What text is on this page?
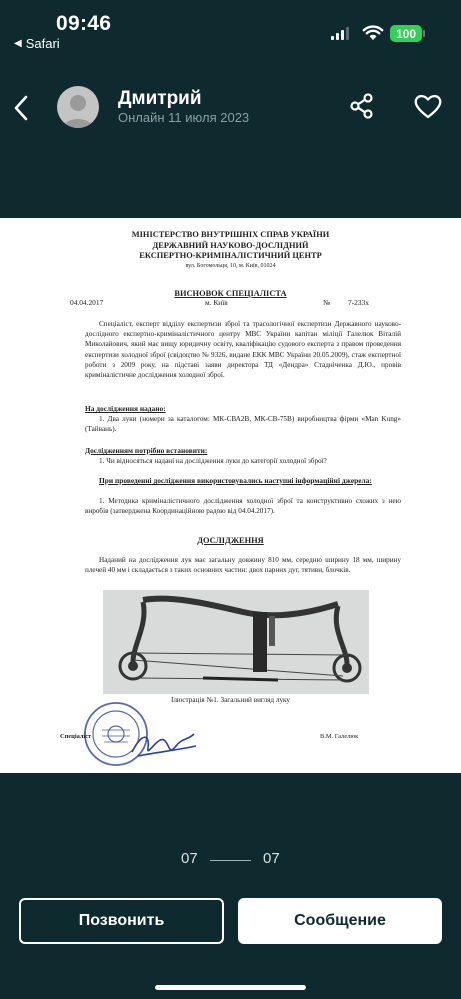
09:46
◀ Safari
100
Дмитрий
Онлайн 11 июля 2023
МІНІСТЕРСТВО ВНУТРІШНІХ СПРАВ УКРАЇНИ
ДЕРЖАВНИЙ НАУКОВО-ДОСЛІДНИЙ
ЕКСПЕРТНО-КРИМІНАЛІСТИЧНИЙ ЦЕНТР
вул. Богомольця, 10, м. Київ, 01024
ВИСНОВОК СПЕЦІАЛІСТА
04.04.2017	м. Київ	№ 7-233х
Спеціаліст, експерт відділу експертизи зброї та трасологічної експертизи Державного науково-дослідного експертно-криміналістичного центру МВС України капітан міліції Галелюк Віталій Миколайович, який має вищу юридичну освіту, кваліфікацію судового експерта з правом проведення експертизи холодної зброї (свідоцтво № 9326, видане ЕКК МВС України 20.05.2009), стаж експертної роботи з 2009 року, на підставі заяви директора ТД «Дендра» Стадніченка Д.Ю., провів криміналістичне дослідження холодної зброї.
На дослідження надано:
1. Два луки (номери за каталогом: МК-СВА2В, МК-СВ-75В) виробництва фірми «Man Kung» (Тайвань).
Дослідженням потрібно встановити:
1. Чи відносяться надані на дослідження луки до категорії холодної зброї?
При проведенні дослідження використовувались наступні інформаційні джерела:
1. Методика криміналістичного дослідження холодної зброї та конструктивно схожих з нею виробів (затверджена Координаційною радою від 04.04.2017).
ДОСЛІДЖЕННЯ
Наданий на дослідження лук має загальну довжину 810 мм, середню ширину 18 мм, ширину плечей 40 мм і складається з таких основних частин: двох парних дуг, тятиви, блочків.
Ілюстрація №1. Загальний вигляд луку
Спеціаліст	В.М. Галелюк
07	07
Позвонить	Сообщение
